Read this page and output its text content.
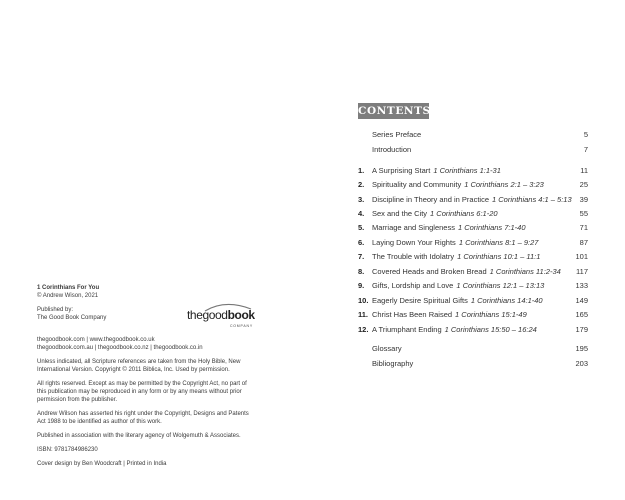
1 Corinthians For You

© Andrew Wison, 2021

Published by:
The Good Book Company	thegoodbook
COMPANY

thegoodbook.com | www.thegoodbook.co.uk
thegoodbook.com.au | thegoodbook.co.nz | thegoodbook.co.in

Unless indicated, all Scripture references are taken from the Holy Bible, New
International Version. Copyright © 2011 Biblica, Inc. Used by permission.

All rights reserved. Except as may be permitted by the Copyright Act, no part of
this publication may be reproduced in any form or by any means without prior
permission from the publisher.

Andrew Wilson has asserted his right under the Copyright, Designs and Patents
Act 1988 to be identified as author of this work.

Published in association with the literary agency of Wolgemuth & Associates.

ISBN: 9781784986230

Cover design by Ben Woodcraft | Printed in India

CONTENTS
Series Preface	5
Introduction	7
1.	A Surprising Start 1 Corinthians 1:1-31	11
2.	Spirituality and Community 1 Corinthians 2:1 – 3:23	25
3.	Discipline in Theory and in Practice 1 Corinthians 4:1 – 5:13 39
4.	Sex and the City 1 Corinthians 6:1-20	55
5.	Marriage and Singleness 1 Corinthians 7:1-40	71
6.	Laying Down Your Rights 1 Corinthians 8:1 – 9:27	87
7.	The Trouble with Idolatry 1 Corinthians 10:1 – 11:1	101
8.	Covered Heads and Broken Bread 1 Corinthians 11:2-34 117
9.	Gifts, Lordship and Love 1 Corinthians 12:1 – 13:13	133
10. Eagerly Desire Spiritual Gifts 1 Corinthians 14:1-40	149
11. Christ Has Been Raised 1 Corinthians 15:1-49	165
12. A Triumphant Ending 1 Corinthians 15:50 – 16:24	179
Glossary	195
Bibliography	203
